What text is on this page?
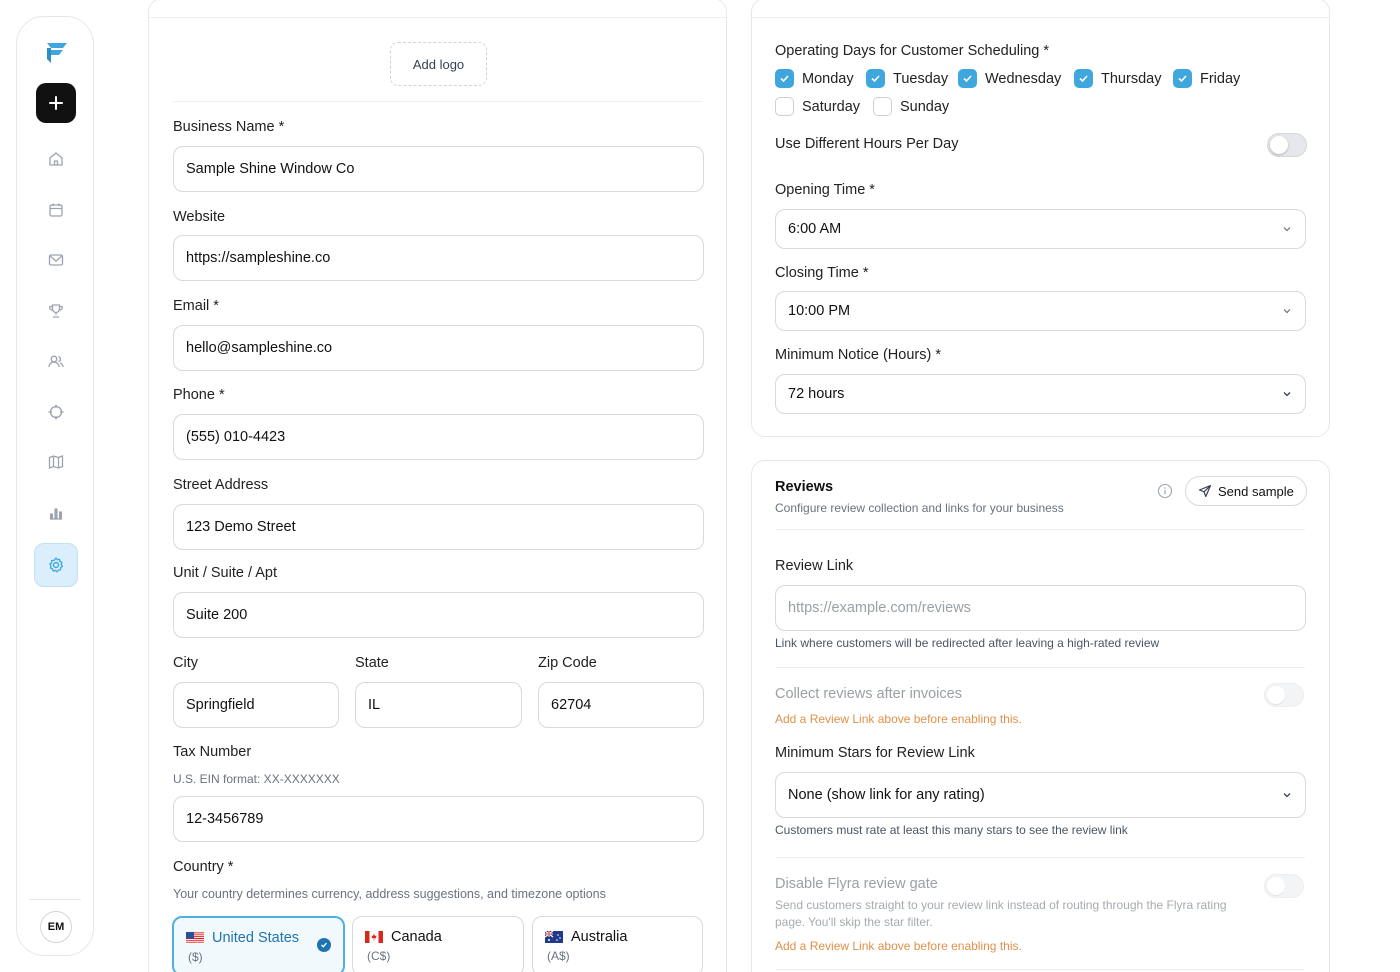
EM
Add logo
Business Name *
Sample Shine Window Co
Website
https://sampleshine.co
Email *
hello@sampleshine.co
Phone *
(555) 010-4423
Street Address
123 Demo Street
Unit / Suite / Apt
Suite 200
City
Springfield
State
IL
Zip Code
62704
Tax Number
U.S. EIN format: XX-XXXXXXX
12-3456789
Country *
Your country determines currency, address suggestions, and timezone options
United States
($)
Canada
(C$)
Australia
(A$)
Operating Days for Customer Scheduling *
Monday	Tuesday	Wednesday	Thursday	Friday
Saturday	Sunday
Use Different Hours Per Day
Opening Time *
6:00 AM
Closing Time *
10:00 PM
Minimum Notice (Hours) *
72 hours
Reviews
Configure review collection and links for your business
Send sample
Review Link
https://example.com/reviews
Link where customers will be redirected after leaving a high-rated review
Collect reviews after invoices
Add a Review Link above before enabling this.
Minimum Stars for Review Link
None (show link for any rating)
Customers must rate at least this many stars to see the review link
Disable Flyra review gate
Send customers straight to your review link instead of routing through the Flyra rating page. You'll skip the star filter.
Add a Review Link above before enabling this.
